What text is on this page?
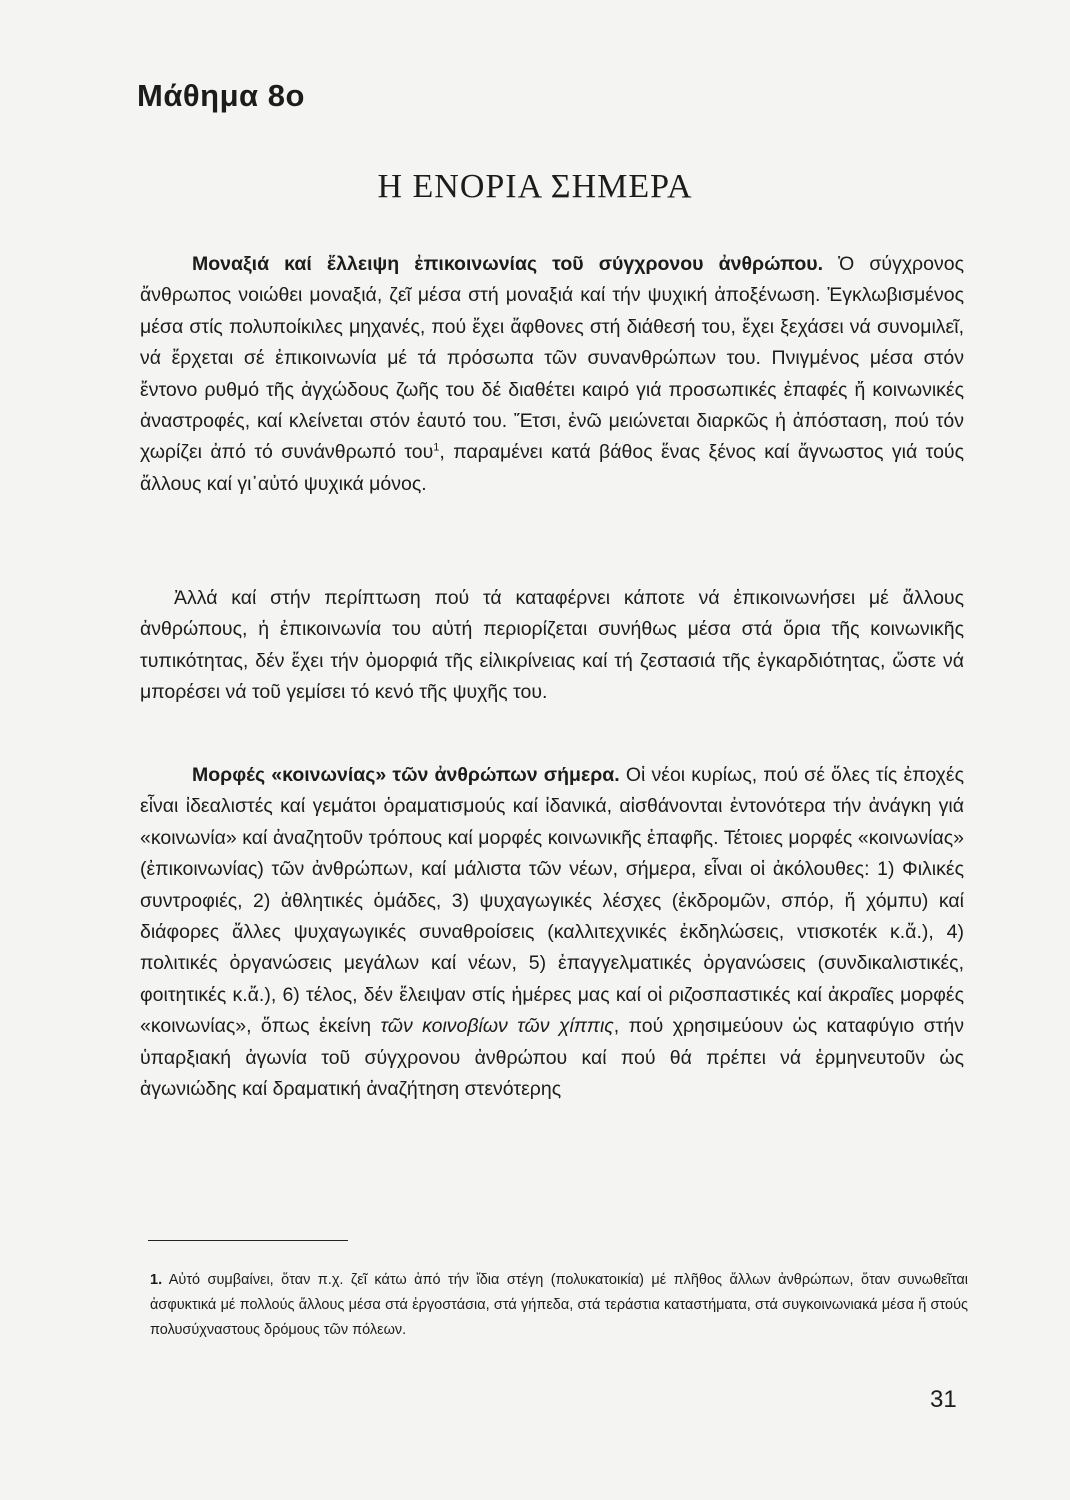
Μάθημα 8ο
Η ΕΝΟΡΙΑ ΣΗΜΕΡΑ
Μοναξιά καί ἔλλειψη ἐπικοινωνίας τοῦ σύγχρονου ἀνθρώπου. Ὁ σύγχρονος ἄνθρωπος νοιώθει μοναξιά, ζεῖ μέσα στή μοναξιά καί τήν ψυχική ἀποξένωση. Ἐγκλωβισμένος μέσα στίς πολυποίκιλες μηχανές, πού ἔχει ἄφθονες στή διάθεσή του, ἔχει ξεχάσει νά συνομιλεῖ, νά ἔρχεται σέ ἐπικοινωνία μέ τά πρόσωπα τῶν συνανθρώπων του. Πνιγμένος μέσα στόν ἔντονο ρυθμό τῆς ἀγχώδους ζωῆς του δέ διαθέτει καιρό γιά προσωπικές ἐπαφές ἤ κοινωνικές ἀναστροφές, καί κλείνεται στόν ἑαυτό του. Ἔτσι, ἐνῶ μειώνεται διαρκῶς ἡ ἀπόσταση, πού τόν χωρίζει ἀπό τό συνάνθρωπό του$^1$, παραμένει κατά βάθος ἕνας ξένος καί ἄγνωστος γιά τούς ἄλλους καί γι᾽αὐτό ψυχικά μόνος.
Ἀλλά καί στήν περίπτωση πού τά καταφέρνει κάποτε νά ἐπικοινωνήσει μέ ἄλλους ἀνθρώπους, ἡ ἐπικοινωνία του αὐτή περιορίζεται συνήθως μέσα στά ὅρια τῆς κοινωνικῆς τυπικότητας, δέν ἔχει τήν ὀμορφιά τῆς εἰλικρίνειας καί τή ζεστασιά τῆς ἐγκαρδιότητας, ὥστε νά μπορέσει νά τοῦ γεμίσει τό κενό τῆς ψυχῆς του.
Μορφές «κοινωνίας» τῶν ἀνθρώπων σήμερα. Οἱ νέοι κυρίως, πού σέ ὅλες τίς ἐποχές εἶναι ἰδεαλιστές καί γεμάτοι ὁραματισμούς καί ἰδανικά, αἰσθάνονται ἐντονότερα τήν ἀνάγκη γιά «κοινωνία» καί ἀναζητοῦν τρόπους καί μορφές κοινωνικῆς ἐπαφῆς. Τέτοιες μορφές «κοινωνίας» (ἐπικοινωνίας) τῶν ἀνθρώπων, καί μάλιστα τῶν νέων, σήμερα, εἶναι οἱ ἀκόλουθες: 1) Φιλικές συντροφιές, 2) ἀθλητικές ὁμάδες, 3) ψυχαγωγικές λέσχες (ἐκδρομῶν, σπόρ, ἤ χόμπυ) καί διάφορες ἄλλες ψυχαγωγικές συναθροίσεις (καλλιτεχνικές ἐκδηλώσεις, ντισκοτέκ κ.ἄ.), 4) πολιτικές ὀργανώσεις μεγάλων καί νέων, 5) ἐπαγγελματικές ὀργανώσεις (συνδικαλιστικές, φοιτητικές κ.ἄ.), 6) τέλος, δέν ἔλειψαν στίς ἡμέρες μας καί οἱ ριζοσπαστικές καί ἀκραῖες μορφές «κοινωνίας», ὅπως ἐκείνη τῶν κοινοβίων τῶν χίππις, πού χρησιμεύουν ὡς καταφύγιο στήν ὑπαρξιακή ἀγωνία τοῦ σύγχρονου ἀνθρώπου καί πού θά πρέπει νά ἑρμηνευτοῦν ὡς ἀγωνιώδης καί δραματική ἀναζήτηση στενότερης
1. Αὐτό συμβαίνει, ὅταν π.χ. ζεῖ κάτω ἀπό τήν ἴδια στέγη (πολυκατοικία) μέ πλῆθος ἄλλων ἀνθρώπων, ὅταν συνωθεῖται ἀσφυκτικά μέ πολλούς ἄλλους μέσα στά ἐργοστάσια, στά γήπεδα, στά τεράστια καταστήματα, στά συγκοινωνιακά μέσα ἤ στούς πολυσύχναστους δρόμους τῶν πόλεων.
31
